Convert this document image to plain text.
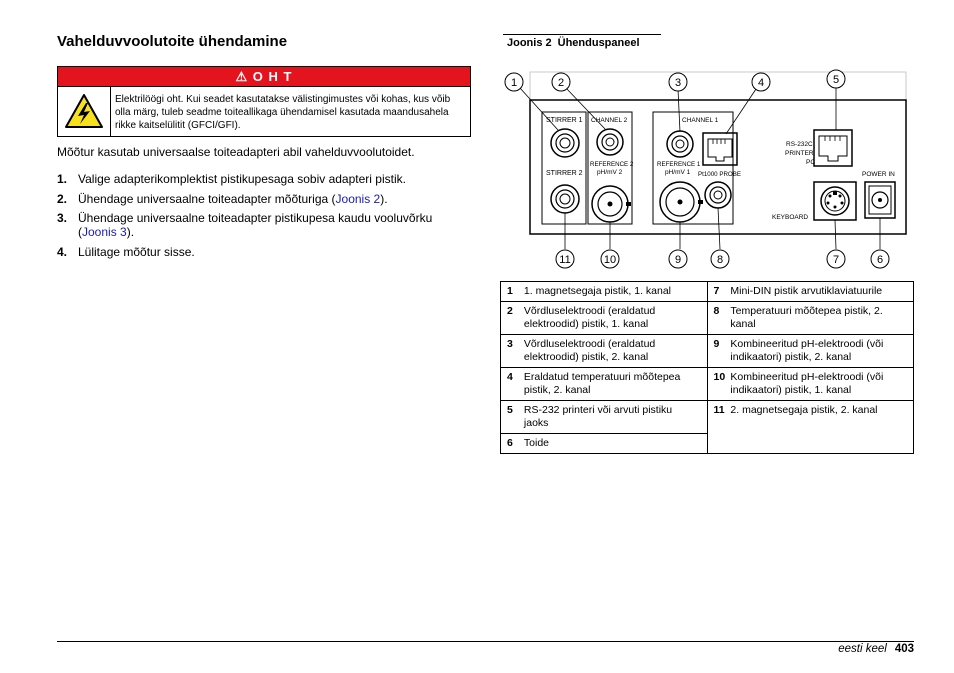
Vahelduvvoolutoite ühendamine
⚠ O H T
Elektrilöögi oht. Kui seadet kasutatakse välistingimustes või kohas, kus võib olla märg, tuleb seadme toiteallikaga ühendamisel kasutada maandusahela rikke kaitselülitit (GFCI/GFI).
Mõõtur kasutab universaalse toiteadapteri abil vahelduvvoolutoidet.
1. Valige adapterikomplektist pistikupesaga sobiv adapteri pistik.
2. Ühendage universaalne toiteadapter mõõturiga (Joonis 2).
3. Ühendage universaalne toiteadapter pistikupesa kaudu vooluvõrku (Joonis 3).
4. Lülitage mõõtur sisse.
Joonis 2 Ühenduspaneel
STIRRER 1
STIRRER 2
CHANNEL 2
REFERENCE 2
pH/mV 2
CHANNEL 1
REFERENCE 1
pH/mV 1 Pt1000 PROBE
RS-232C
PRINTER
PC
KEYBOARD
POWER IN
1	2	3	4	5
11	10	9	8	7	6
1 1. magnetsegaja pistik, 1. kanal	7 Mini-DIN pistik arvutiklaviatuurile
2 Võrdluselektroodi (eraldatud elektroodid) pistik, 1. kanal	8 Temperatuuri mõõtepea pistik, 2. kanal
3 Võrdluselektroodi (eraldatud elektroodid) pistik, 2. kanal	9 Kombineeritud pH-elektroodi (või indikaatori) pistik, 2. kanal
4 Eraldatud temperatuuri mõõtepea pistik, 2. kanal	10 Kombineeritud pH-elektroodi (või indikaatori) pistik, 1. kanal
5 RS-232 printeri või arvuti pistiku jaoks	11 2. magnetsegaja pistik, 2. kanal
6 Toide	
eesti keel 403
